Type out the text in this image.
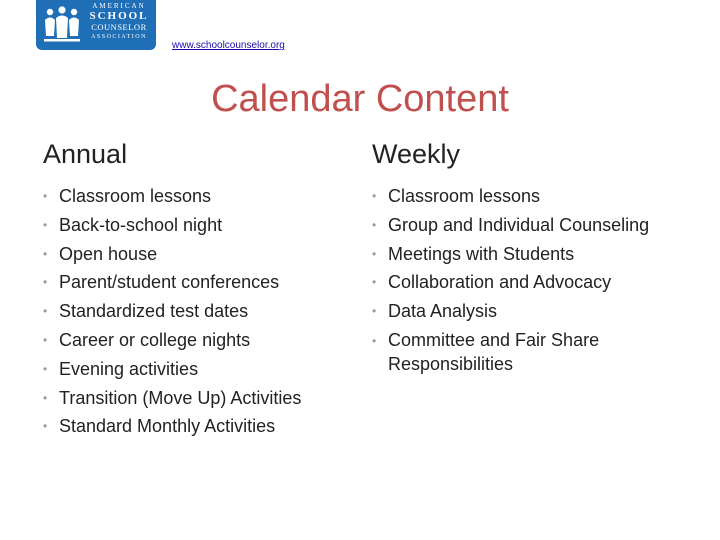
AMERICAN
SCHOOL
COUNSELOR
ASSOCIATION
www.schoolcounselor.org
Calendar Content
Annual
• Classroom lessons
• Back-to-school night
• Open house
• Parent/student conferences
• Standardized test dates
• Career or college nights
• Evening activities
• Transition (Move Up) Activities
• Standard Monthly Activities
Weekly
• Classroom lessons
• Group and Individual Counseling
• Meetings with Students
• Collaboration and Advocacy
• Data Analysis
• Committee and Fair Share Responsibilities
